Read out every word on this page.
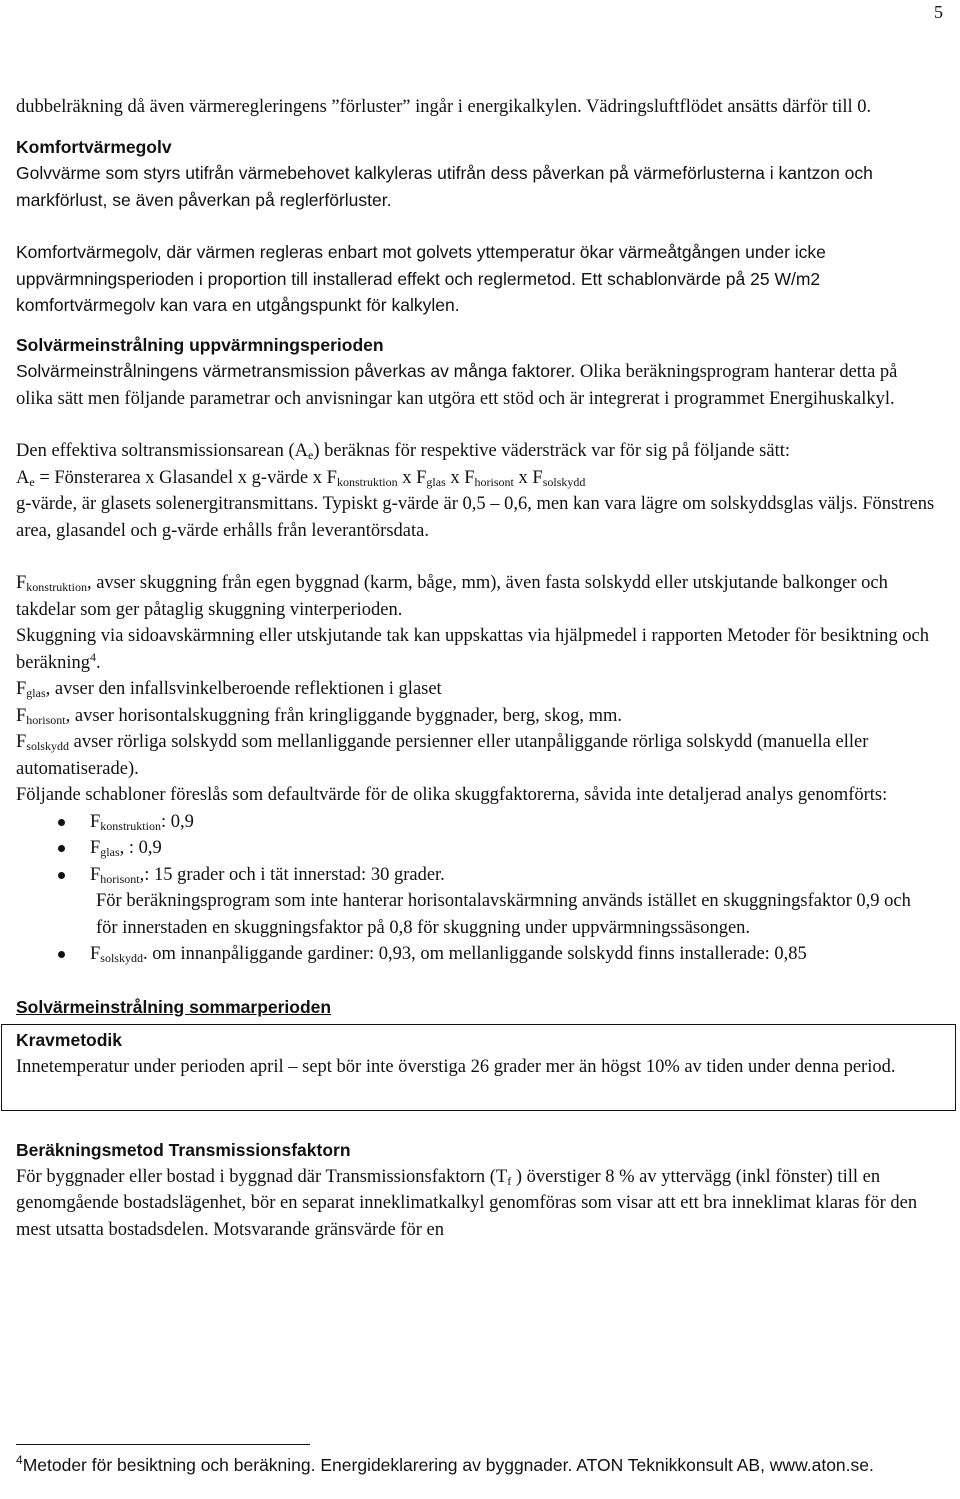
5

dubbelräkning då även värmeregleringens ”förluster” ingår i energikalkylen. Vädringsluftflödet ansätts därför till 0.

Komfortvärmegolv

Golvvärme som styrs utifrån värmebehovet kalkyleras utifrån dess påverkan på värmeförlusterna i kantzon och markförlust, se även påverkan på reglerförluster.

Komfortvärmegolv, där värmen regleras enbart mot golvets yttemperatur ökar värmeåtgången under icke uppvärmningsperioden i proportion till installerad effekt och reglermetod. Ett schablonvärde på 25 W/m2 komfortvärmegolv kan vara en utgångspunkt för kalkylen.

Solvärmeinstrålning uppvärmningsperioden

Solvärmeinstrålningens värmetransmission påverkas av många faktorer. Olika beräkningsprogram hanterar detta på olika sätt men följande parametrar och anvisningar kan utgöra ett stöd och är integrerat i programmet Energihuskalkyl.

Den effektiva soltransmissionsarean $(A_e)$ beräknas för respektive vädersträck var för sig på följande sätt:

$A_e$ = Fönsterarea x Glasandel x g-värde x $F_{konstruktion}$ x $F_{glas}$ x $F_{horisont}$ x $F_{solskydd}$

g-värde, är glasets solenergitransmittans. Typiskt g-värde är 0,5 – 0,6, men kan vara lägre om solskyddsglas väljs. Fönstrens area, glasandel och g-värde erhålls från leverantörsdata.

$F_{konstruktion}$, avser skuggning från egen byggnad (karm, båge, mm), även fasta solskydd eller utskjutande balkonger och takdelar som ger påtaglig skuggning vinterperioden.

Skuggning via sidoavskärmning eller utskjutande tak kan uppskattas via hjälpmedel i rapporten Metoder för besiktning och beräkning$^4$.

$F_{glas}$, avser den infallsvinkelberoende reflektionen i glaset

$F_{horisont}$, avser horisontalskuggning från kringliggande byggnader, berg, skog, mm.

$F_{solskydd}$ avser rörliga solskydd som mellanliggande persienner eller utanpåliggande rörliga solskydd (manuella eller automatiserade).

Följande schabloner föreslås som defaultvärde för de olika skuggfaktorerna, såvida inte detaljerad analys genomförts:

$F_{konstruktion}$: 0,9
$F_{glas}$, : 0,9
$F_{horisont}$,: 15 grader och i tät innerstad: 30 grader.

För beräkningsprogram som inte hanterar horisontalavskärmning används istället en skuggningsfaktor 0,9 och för innerstaden en skuggningsfaktor på 0,8 för skuggning under uppvärmningssäsongen.

$F_{solskydd}$. om innanpåliggande gardiner: 0,93, om mellanliggande solskydd finns installerade: 0,85

Solvärmeinstrålning sommarperioden

Kravmetodik

Innetemperatur under perioden april – sept bör inte överstiga 26 grader mer än högst 10% av tiden under denna period.

Beräkningsmetod Transmissionsfaktorn

För byggnader eller bostad i byggnad där Transmissionsfaktorn ($T_f$ ) överstiger 8 % av yttervägg (inkl fönster) till en genomgående bostadslägenhet, bör en separat inneklimatkalkyl genomföras som visar att ett bra inneklimat klaras för den mest utsatta bostadsdelen. Motsvarande gränsvärde för en

$^4$Metoder för besiktning och beräkning. Energideklarering av byggnader. ATON Teknikkonsult AB, www.aton.se.
